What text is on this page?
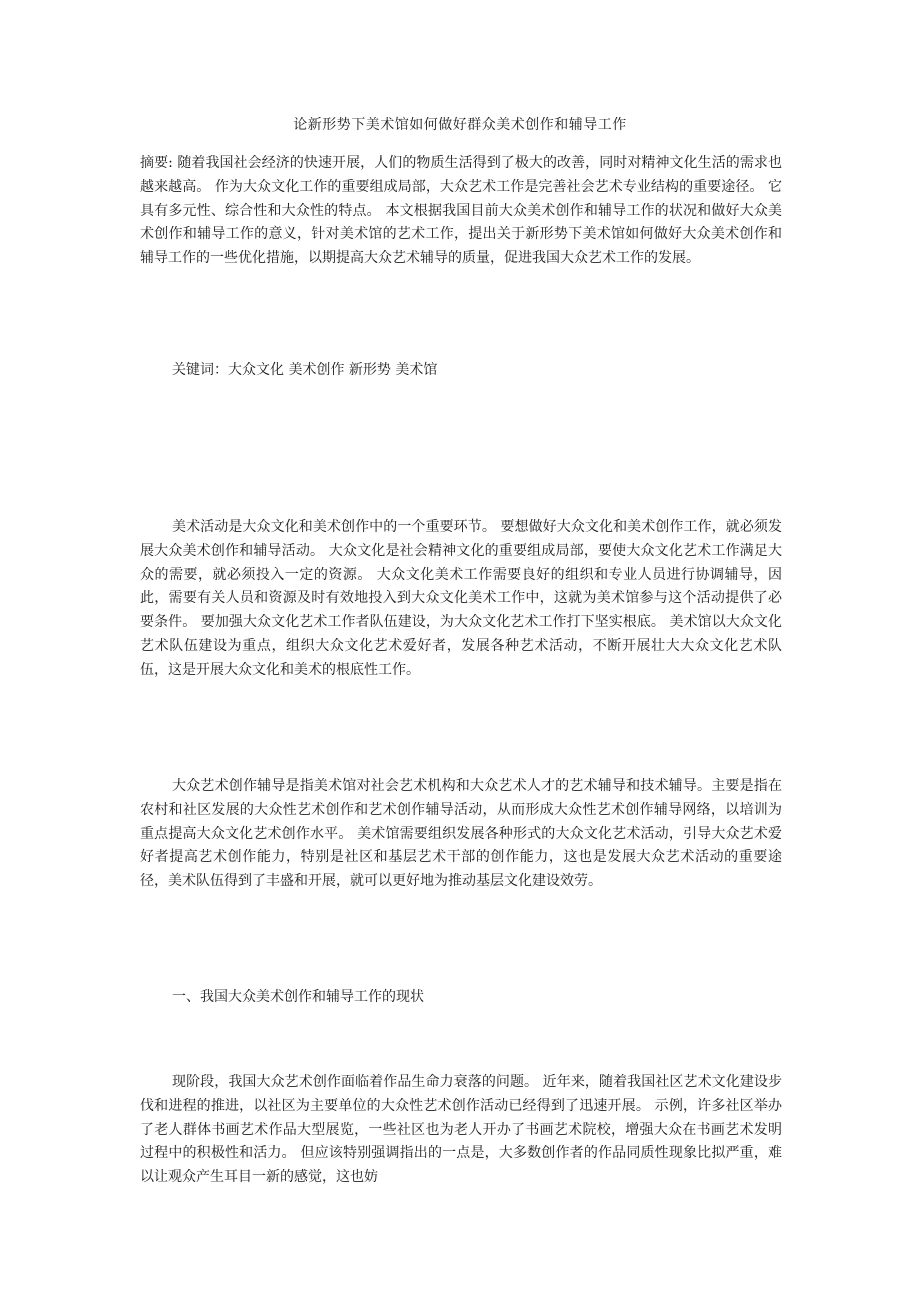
论新形势下美术馆如何做好群众美术创作和辅导工作

摘要: 随着我国社会经济的快速开展，人们的物质生活得到了极大的改善，同时对精神文化生活的需求也越来越高。 作为大众文化工作的重要组成局部，大众艺术工作是完善社会艺术专业结构的重要途径。 它具有多元性、综合性和大众性的特点。 本文根据我国目前大众美术创作和辅导工作的状况和做好大众美术创作和辅导工作的意义，针对美术馆的艺术工作，提出关于新形势下美术馆如何做好大众美术创作和辅导工作的一些优化措施，以期提高大众艺术辅导的质量，促进我国大众艺术工作的发展。

关键词：大众文化 美术创作 新形势 美术馆

美术活动是大众文化和美术创作中的一个重要环节。 要想做好大众文化和美术创作工作，就必须发展大众美术创作和辅导活动。 大众文化是社会精神文化的重要组成局部，要使大众文化艺术工作满足大众的需要，就必须投入一定的资源。 大众文化美术工作需要良好的组织和专业人员进行协调辅导，因此，需要有关人员和资源及时有效地投入到大众文化美术工作中，这就为美术馆参与这个活动提供了必要条件。 要加强大众文化艺术工作者队伍建设，为大众文化艺术工作打下坚实根底。 美术馆以大众文化艺术队伍建设为重点，组织大众文化艺术爱好者，发展各种艺术活动，不断开展壮大大众文化艺术队伍，这是开展大众文化和美术的根底性工作。

大众艺术创作辅导是指美术馆对社会艺术机构和大众艺术人才的艺术辅导和技术辅导。主要是指在农村和社区发展的大众性艺术创作和艺术创作辅导活动，从而形成大众性艺术创作辅导网络，以培训为重点提高大众文化艺术创作水平。 美术馆需要组织发展各种形式的大众文化艺术活动，引导大众艺术爱好者提高艺术创作能力，特别是社区和基层艺术干部的创作能力，这也是发展大众艺术活动的重要途径，美术队伍得到了丰盛和开展，就可以更好地为推动基层文化建设效劳。

一、我国大众美术创作和辅导工作的现状

现阶段，我国大众艺术创作面临着作品生命力衰落的问题。 近年来，随着我国社区艺术文化建设步伐和进程的推进，以社区为主要单位的大众性艺术创作活动已经得到了迅速开展。 示例，许多社区举办了老人群体书画艺术作品大型展览，一些社区也为老人开办了书画艺术院校，增强大众在书画艺术发明过程中的积极性和活力。 但应该特别强调指出的一点是，大多数创作者的作品同质性现象比拟严重，难以让观众产生耳目一新的感觉，这也妨
